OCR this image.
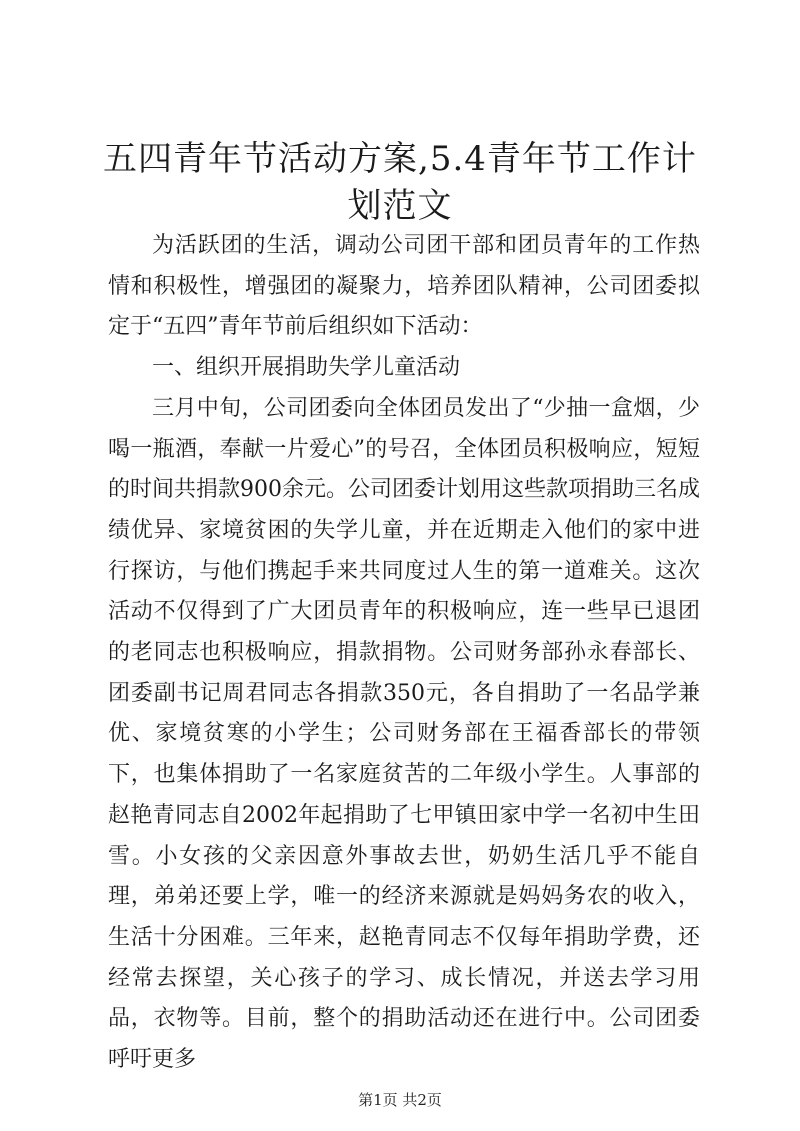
五四青年节活动方案,5.4青年节工作计划范文

为活跃团的生活，调动公司团干部和团员青年的工作热情和积极性，增强团的凝聚力，培养团队精神，公司团委拟定于“五四”青年节前后组织如下活动：

一、组织开展捐助失学儿童活动

三月中旬，公司团委向全体团员发出了“少抽一盒烟，少喝一瓶酒，奉献一片爱心”的号召，全体团员积极响应，短短的时间共捐款900余元。公司团委计划用这些款项捐助三名成绩优异、家境贫困的失学儿童，并在近期走入他们的家中进行探访，与他们携起手来共同度过人生的第一道难关。这次活动不仅得到了广大团员青年的积极响应，连一些早已退团的老同志也积极响应，捐款捐物。公司财务部孙永春部长、团委副书记周君同志各捐款350元，各自捐助了一名品学兼优、家境贫寒的小学生；公司财务部在王福香部长的带领下，也集体捐助了一名家庭贫苦的二年级小学生。人事部的赵艳青同志自2002年起捐助了七甲镇田家中学一名初中生田雪。小女孩的父亲因意外事故去世，奶奶生活几乎不能自理，弟弟还要上学，唯一的经济来源就是妈妈务农的收入，生活十分困难。三年来，赵艳青同志不仅每年捐助学费，还经常去探望，关心孩子的学习、成长情况，并送去学习用品，衣物等。目前，整个的捐助活动还在进行中。公司团委呼吁更多

第1页 共2页
